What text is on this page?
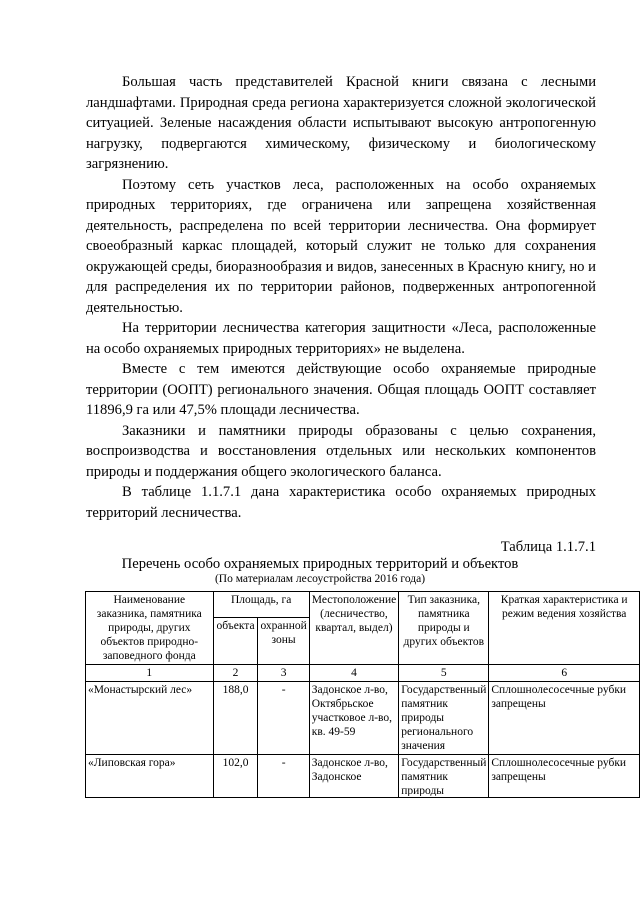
Большая часть представителей Красной книги связана с лесными ландшафтами. Природная среда региона характеризуется сложной экологической ситуацией. Зеленые насаждения области испытывают высокую антропогенную нагрузку, подвергаются химическому, физическому и биологическому загрязнению.

Поэтому сеть участков леса, расположенных на особо охраняемых природных территориях, где ограничена или запрещена хозяйственная деятельность, распределена по всей территории лесничества. Она формирует своеобразный каркас площадей, который служит не только для сохранения окружающей среды, биоразнообразия и видов, занесенных в Красную книгу, но и для распределения их по территории районов, подверженных антропогенной деятельностью.

На территории лесничества категория защитности «Леса, расположенные на особо охраняемых природных территориях» не выделена.

Вместе с тем имеются действующие особо охраняемые природные территории (ООПТ) регионального значения. Общая площадь ООПТ составляет 11896,9 га или 47,5% площади лесничества.

Заказники и памятники природы образованы с целью сохранения, воспроизводства и восстановления отдельных или нескольких компонентов природы и поддержания общего экологического баланса.

В таблице 1.1.7.1 дана характеристика особо охраняемых природных территорий лесничества.

Таблица 1.1.7.1
Перечень особо охраняемых природных территорий и объектов
(По материалам лесоустройства 2016 года)
Наименование заказника, памятника природы, других объектов природно-заповедного фонда	Площадь, га		Местоположение (лесничество, квартал, выдел)	Тип заказника, памятника природы и других объектов	Краткая характеристика и режим ведения хозяйства
	объекта	охранной зоны			
1	2	3	4	5	6
«Монастырский лес»	188,0	-	Задонское л-во, Октябрьское участковое л-во, кв. 49-59	Государственный памятник природы регионального значения	Сплошнолесосечные рубки запрещены

«Липовская гора»	102,0	-	Задонское л-во, Задонское	Государственный памятник природы	Сплошнолесосечные рубки запрещены
